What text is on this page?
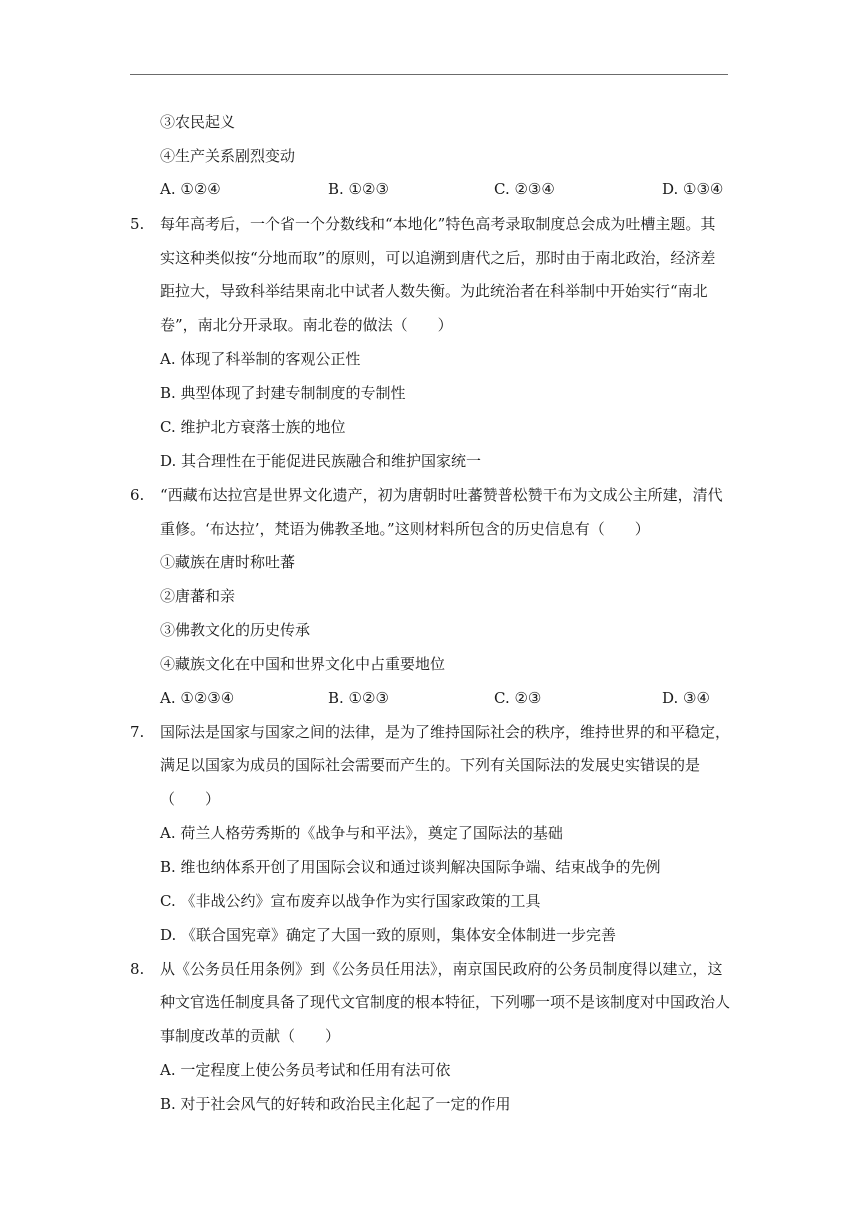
③农民起义
④生产关系剧烈变动
A. ①②④	B. ①②③	C. ②③④	D. ①③④
5. 每年高考后，一个省一个分数线和“本地化”特色高考录取制度总会成为吐槽主题。其
实这种类似按“分地而取”的原则，可以追溯到唐代之后，那时由于南北政治，经济差
距拉大，导致科举结果南北中试者人数失衡。为此统治者在科举制中开始实行“南北
卷”，南北分开录取。南北卷的做法（　　）
A. 体现了科举制的客观公正性
B. 典型体现了封建专制制度的专制性
C. 维护北方衰落士族的地位
D. 其合理性在于能促进民族融合和维护国家统一
6. “西藏布达拉宫是世界文化遗产，初为唐朝时吐蕃赞普松赞干布为文成公主所建，清代
重修。‘布达拉’，梵语为佛教圣地。”这则材料所包含的历史信息有（　　）
①藏族在唐时称吐蕃
②唐蕃和亲
③佛教文化的历史传承
④藏族文化在中国和世界文化中占重要地位
A. ①②③④	B. ①②③	C. ②③	D. ③④
7. 国际法是国家与国家之间的法律，是为了维持国际社会的秩序，维持世界的和平稳定，
满足以国家为成员的国际社会需要而产生的。下列有关国际法的发展史实错误的是
（　　）
A. 荷兰人格劳秀斯的《战争与和平法》，奠定了国际法的基础
B. 维也纳体系开创了用国际会议和通过谈判解决国际争端、结束战争的先例
C. 《非战公约》宣布废弃以战争作为实行国家政策的工具
D. 《联合国宪章》确定了大国一致的原则，集体安全体制进一步完善
8. 从《公务员任用条例》到《公务员任用法》，南京国民政府的公务员制度得以建立，这
种文官选任制度具备了现代文官制度的根本特征，下列哪一项不是该制度对中国政治人
事制度改革的贡献（　　）
A. 一定程度上使公务员考试和任用有法可依
B. 对于社会风气的好转和政治民主化起了一定的作用
